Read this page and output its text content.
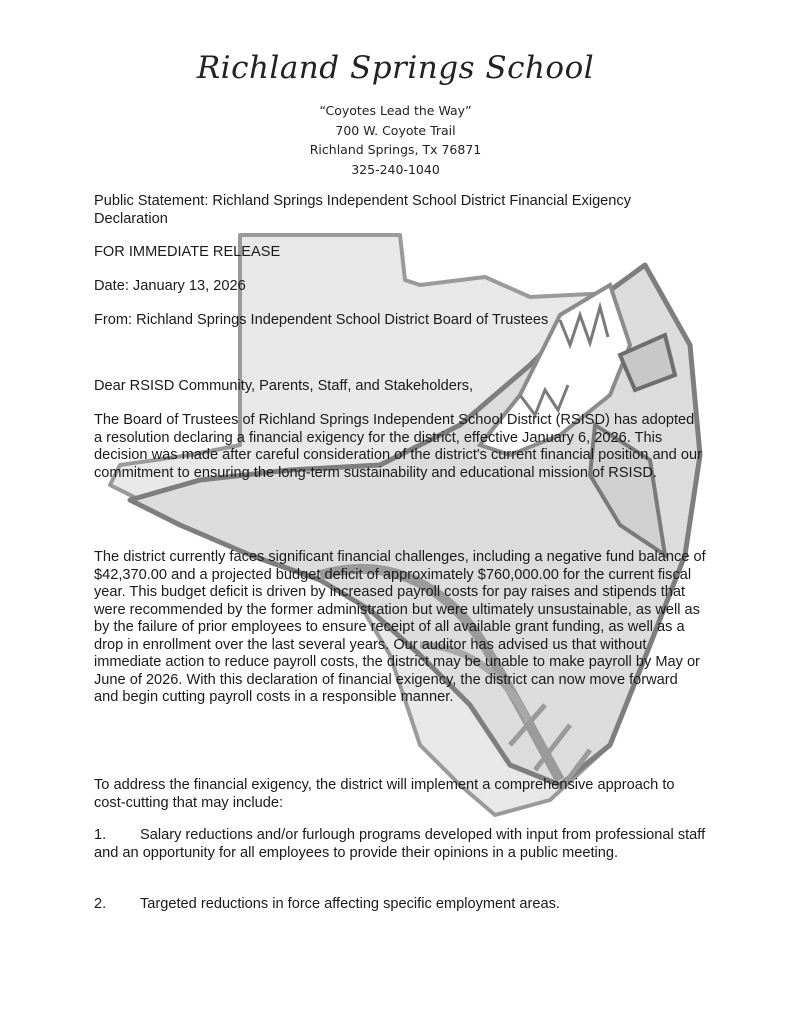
Richland Springs School
“Coyotes Lead the Way”
700 W. Coyote Trail
Richland Springs, Tx 76871
325-240-1040
Public Statement: Richland Springs Independent School District Financial Exigency Declaration
FOR IMMEDIATE RELEASE
Date: January 13, 2026
From: Richland Springs Independent School District Board of Trustees
Dear RSISD Community, Parents, Staff, and Stakeholders,
The Board of Trustees of Richland Springs Independent School District (RSISD) has adopted a resolution declaring a financial exigency for the district, effective January 6, 2026. This decision was made after careful consideration of the district's current financial position and our commitment to ensuring the long-term sustainability and educational mission of RSISD.
The district currently faces significant financial challenges, including a negative fund balance of $42,370.00 and a projected budget deficit of approximately $760,000.00 for the current fiscal year. This budget deficit is driven by increased payroll costs for pay raises and stipends that were recommended by the former administration but were ultimately unsustainable, as well as by the failure of prior employees to ensure receipt of all available grant funding, as well as a drop in enrollment over the last several years. Our auditor has advised us that without immediate action to reduce payroll costs, the district may be unable to make payroll by May or June of 2026. With this declaration of financial exigency, the district can now move forward and begin cutting payroll costs in a responsible manner.
To address the financial exigency, the district will implement a comprehensive approach to cost-cutting that may include:
1. Salary reductions and/or furlough programs developed with input from professional staff and an opportunity for all employees to provide their opinions in a public meeting.
2. Targeted reductions in force affecting specific employment areas.
